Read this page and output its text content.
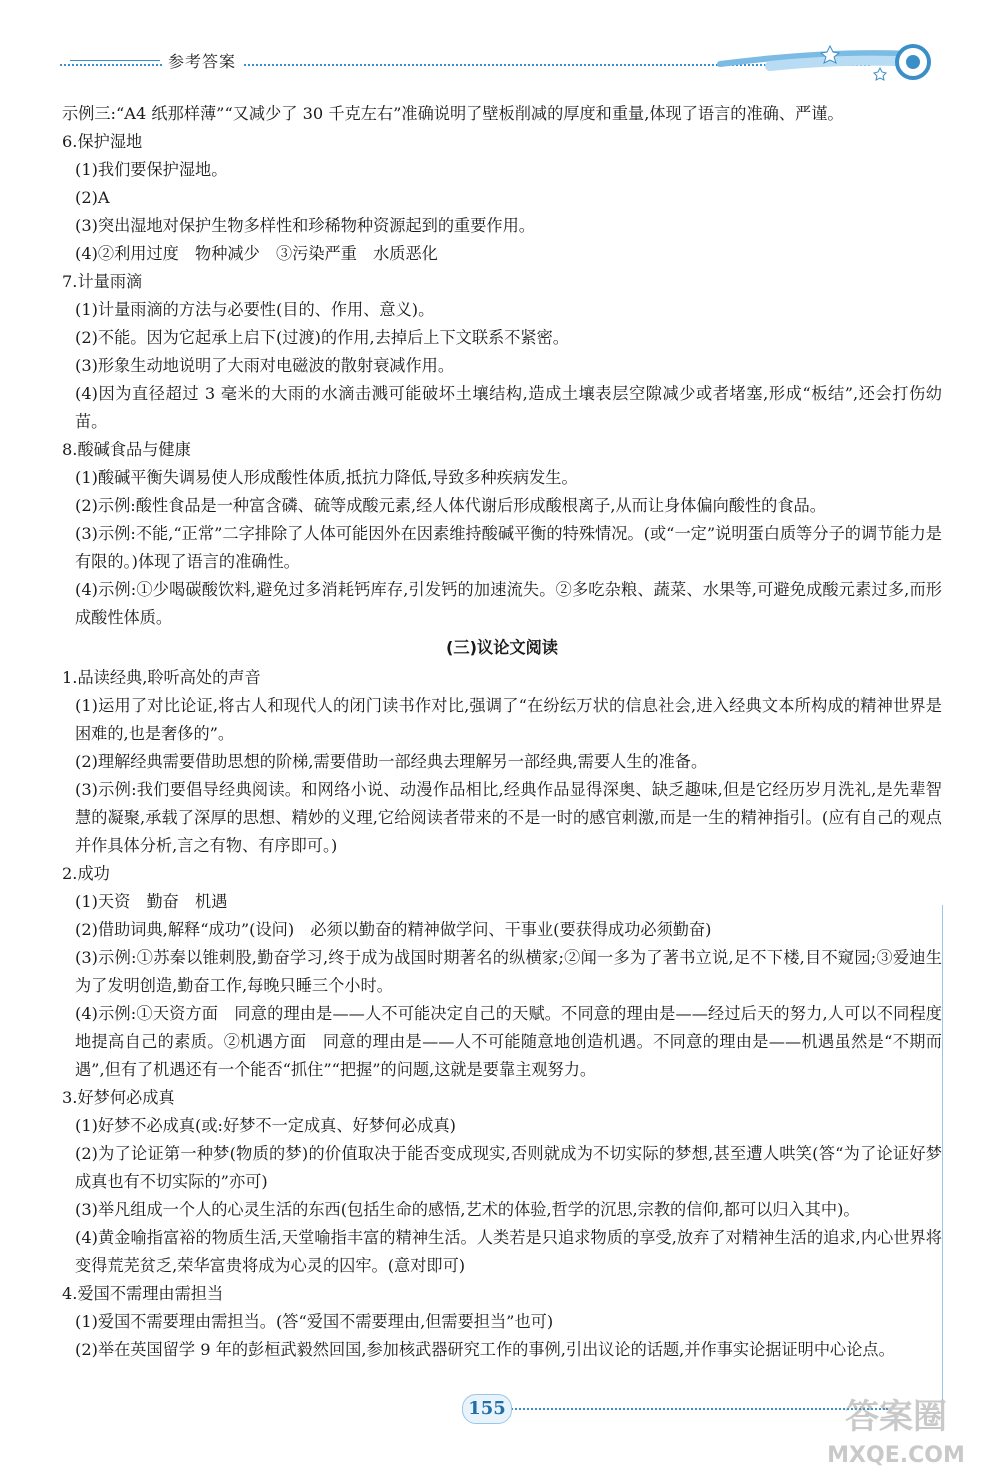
参考答案

示例三:“A4 纸那样薄”“又减少了 30 千克左右”准确说明了壁板削减的厚度和重量,体现了语言的准确、严谨。

6.保护湿地

(1)我们要保护湿地。

(2)A

(3)突出湿地对保护生物多样性和珍稀物种资源起到的重要作用。

(4)②利用过度　物种减少　③污染严重　水质恶化

7.计量雨滴

(1)计量雨滴的方法与必要性(目的、作用、意义)。

(2)不能。因为它起承上启下(过渡)的作用,去掉后上下文联系不紧密。

(3)形象生动地说明了大雨对电磁波的散射衰减作用。

(4)因为直径超过 3 毫米的大雨的水滴击溅可能破坏土壤结构,造成土壤表层空隙减少或者堵塞,形成“板结”,还会打伤幼苗。

8.酸碱食品与健康

(1)酸碱平衡失调易使人形成酸性体质,抵抗力降低,导致多种疾病发生。

(2)示例:酸性食品是一种富含磷、硫等成酸元素,经人体代谢后形成酸根离子,从而让身体偏向酸性的食品。

(3)示例:不能,“正常”二字排除了人体可能因外在因素维持酸碱平衡的特殊情况。(或“一定”说明蛋白质等分子的调节能力是有限的。)体现了语言的准确性。

(4)示例:①少喝碳酸饮料,避免过多消耗钙库存,引发钙的加速流失。②多吃杂粮、蔬菜、水果等,可避免成酸元素过多,而形成酸性体质。

(三)议论文阅读

1.品读经典,聆听高处的声音

(1)运用了对比论证,将古人和现代人的闭门读书作对比,强调了“在纷纭万状的信息社会,进入经典文本所构成的精神世界是困难的,也是奢侈的”。

(2)理解经典需要借助思想的阶梯,需要借助一部经典去理解另一部经典,需要人生的准备。

(3)示例:我们要倡导经典阅读。和网络小说、动漫作品相比,经典作品显得深奥、缺乏趣味,但是它经历岁月洗礼,是先辈智慧的凝聚,承载了深厚的思想、精妙的义理,它给阅读者带来的不是一时的感官刺激,而是一生的精神指引。(应有自己的观点并作具体分析,言之有物、有序即可。)

2.成功

(1)天资　勤奋　机遇

(2)借助词典,解释“成功”(设问)　必须以勤奋的精神做学问、干事业(要获得成功必须勤奋)

(3)示例:①苏秦以锥刺股,勤奋学习,终于成为战国时期著名的纵横家;②闻一多为了著书立说,足不下楼,目不窥园;③爱迪生为了发明创造,勤奋工作,每晚只睡三个小时。

(4)示例:①天资方面　同意的理由是——人不可能决定自己的天赋。不同意的理由是——经过后天的努力,人可以不同程度地提高自己的素质。②机遇方面　同意的理由是——人不可能随意地创造机遇。不同意的理由是——机遇虽然是“不期而遇”,但有了机遇还有一个能否“抓住”“把握”的问题,这就是要靠主观努力。

3.好梦何必成真

(1)好梦不必成真(或:好梦不一定成真、好梦何必成真)

(2)为了论证第一种梦(物质的梦)的价值取决于能否变成现实,否则就成为不切实际的梦想,甚至遭人哄笑(答“为了论证好梦成真也有不切实际的”亦可)

(3)举凡组成一个人的心灵生活的东西(包括生命的感悟,艺术的体验,哲学的沉思,宗教的信仰,都可以归入其中)。

(4)黄金喻指富裕的物质生活,天堂喻指丰富的精神生活。人类若是只追求物质的享受,放弃了对精神生活的追求,内心世界将变得荒芜贫乏,荣华富贵将成为心灵的囚牢。(意对即可)

4.爱国不需理由需担当

(1)爱国不需要理由需担当。(答“爱国不需要理由,但需要担当”也可)

(2)举在英国留学 9 年的彭桓武毅然回国,参加核武器研究工作的事例,引出议论的话题,并作事实论据证明中心论点。

155	答案圈
MXQE.COM
